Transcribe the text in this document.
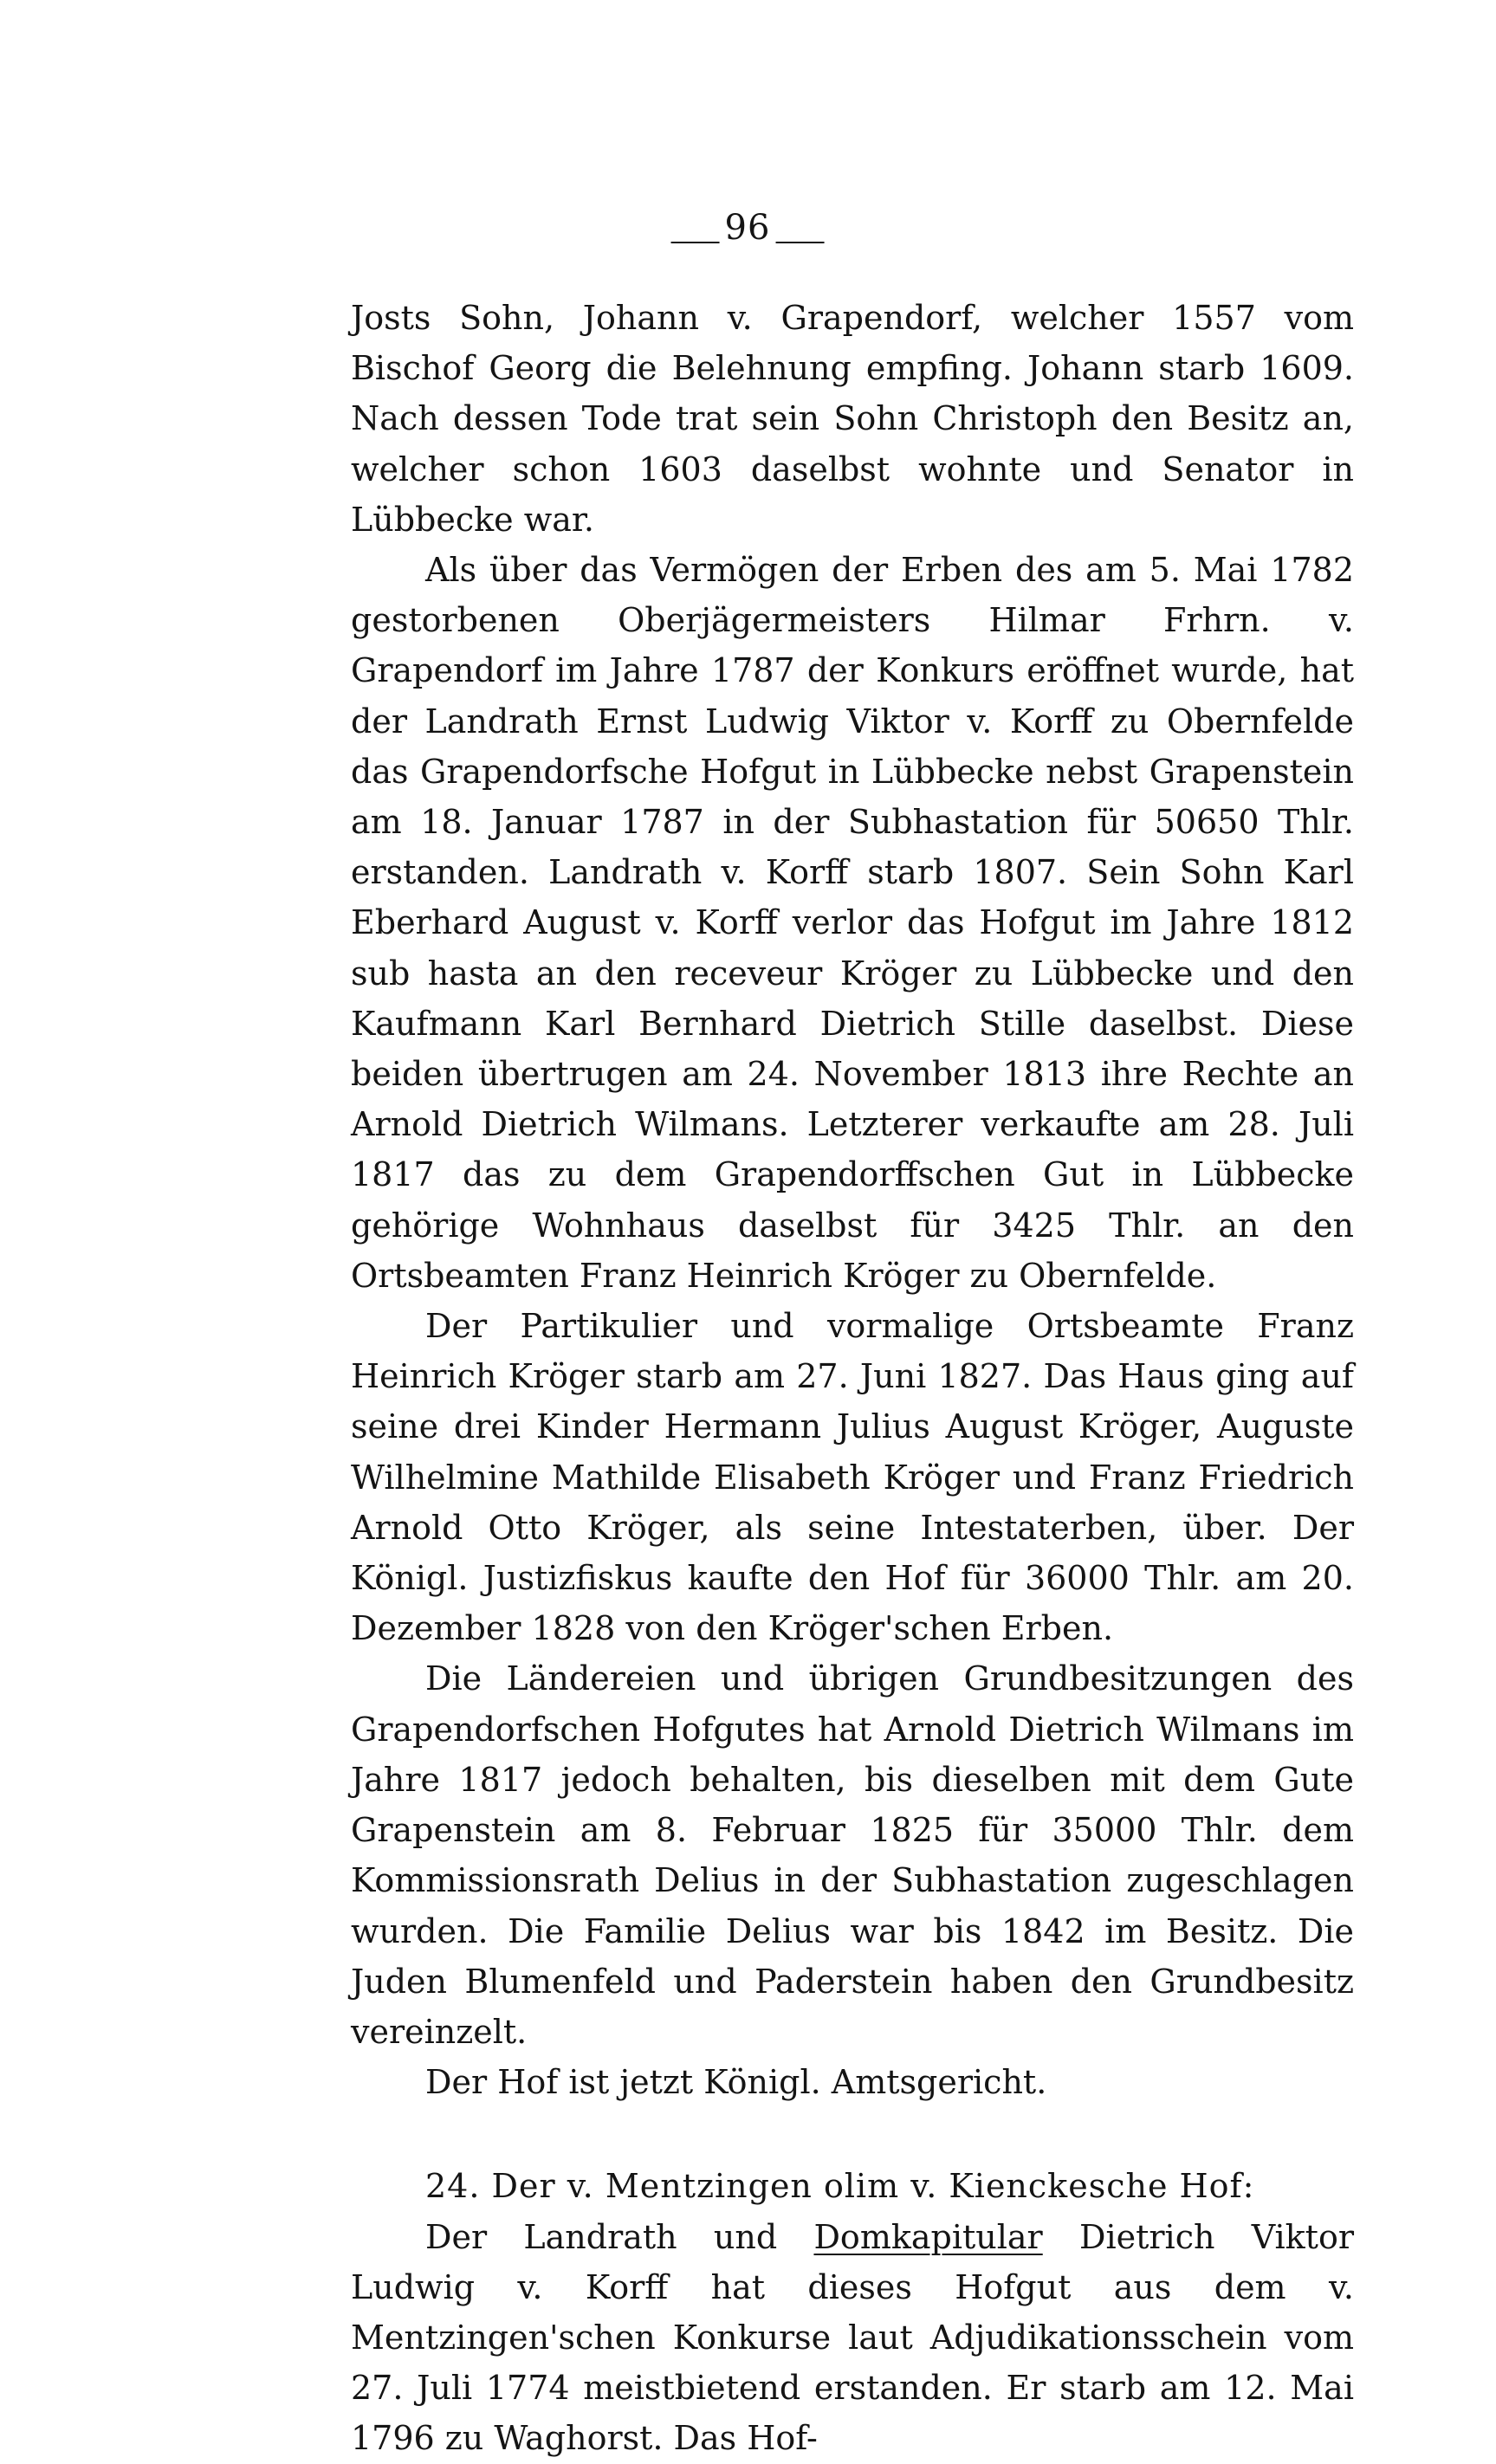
96

Josts Sohn, Johann v. Grapendorf, welcher 1557 vom Bischof Georg die Belehnung empfing. Johann starb 1609. Nach dessen Tode trat sein Sohn Christoph den Besitz an, welcher schon 1603 daselbst wohnte und Senator in Lübbecke war.

Als über das Vermögen der Erben des am 5. Mai 1782 gestorbenen Oberjägermeisters Hilmar Frhrn. v. Grapendorf im Jahre 1787 der Konkurs eröffnet wurde, hat der Landrath Ernst Ludwig Viktor v. Korff zu Obernfelde das Grapendorfsche Hofgut in Lübbecke nebst Grapenstein am 18. Januar 1787 in der Subhastation für 50650 Thlr. erstanden. Landrath v. Korff starb 1807. Sein Sohn Karl Eberhard August v. Korff verlor das Hofgut im Jahre 1812 sub hasta an den receveur Kröger zu Lübbecke und den Kaufmann Karl Bernhard Dietrich Stille daselbst. Diese beiden übertrugen am 24. November 1813 ihre Rechte an Arnold Dietrich Wilmans. Letzterer verkaufte am 28. Juli 1817 das zu dem Grapendorffschen Gut in Lübbecke gehörige Wohnhaus daselbst für 3425 Thlr. an den Ortsbeamten Franz Heinrich Kröger zu Obernfelde.

Der Partikulier und vormalige Ortsbeamte Franz Heinrich Kröger starb am 27. Juni 1827. Das Haus ging auf seine drei Kinder Hermann Julius August Kröger, Auguste Wilhelmine Mathilde Elisabeth Kröger und Franz Friedrich Arnold Otto Kröger, als seine Intestaterben, über. Der Königl. Justizfiskus kaufte den Hof für 36000 Thlr. am 20. Dezember 1828 von den Kröger'schen Erben.

Die Ländereien und übrigen Grundbesitzungen des Grapendorfschen Hofgutes hat Arnold Dietrich Wilmans im Jahre 1817 jedoch behalten, bis dieselben mit dem Gute Grapenstein am 8. Februar 1825 für 35000 Thlr. dem Kommissionsrath Delius in der Subhastation zugeschlagen wurden. Die Familie Delius war bis 1842 im Besitz. Die Juden Blumenfeld und Paderstein haben den Grundbesitz vereinzelt.

Der Hof ist jetzt Königl. Amtsgericht.

24. Der v. Mentzingen olim v. Kienckesche Hof:

Der Landrath und Domkapitular Dietrich Viktor Ludwig v. Korff hat dieses Hofgut aus dem v. Mentzingen'schen Konkurse laut Adjudikationsschein vom 27. Juli 1774 meistbietend erstanden. Er starb am 12. Mai 1796 zu Waghorst. Das Hof-
